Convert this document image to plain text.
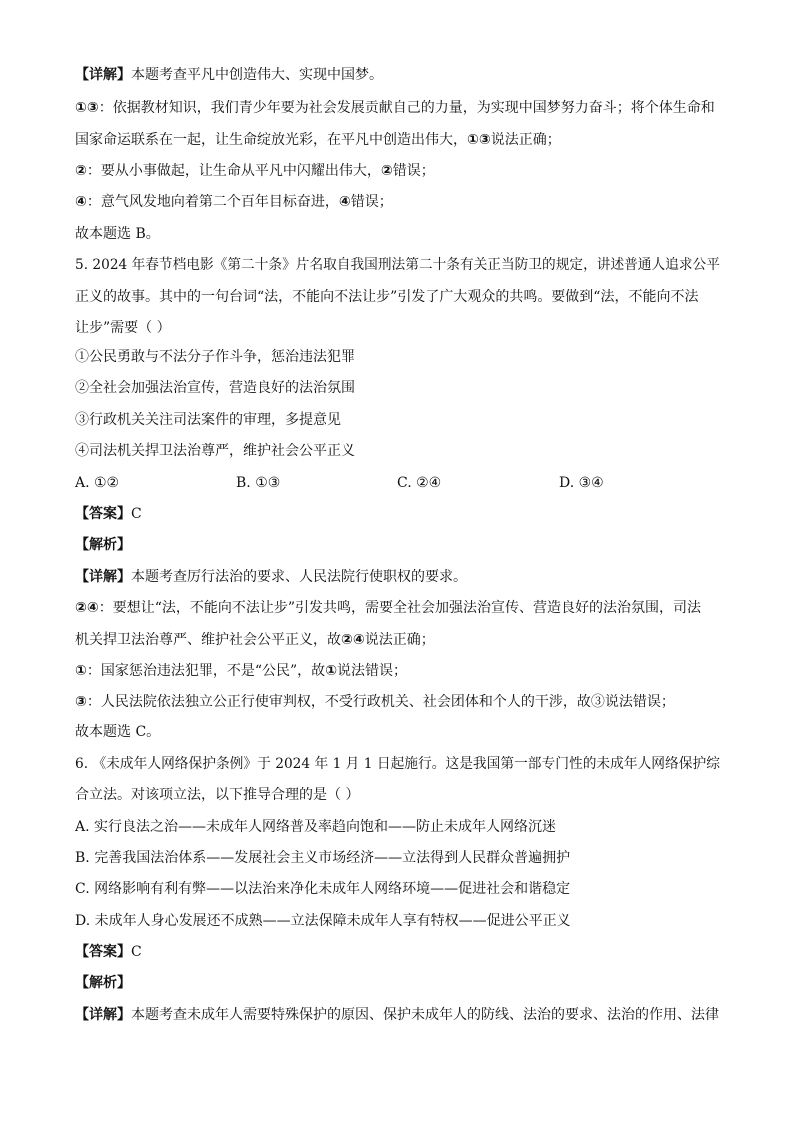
【详解】本题考查平凡中创造伟大、实现中国梦。
①③：依据教材知识，我们青少年要为社会发展贡献自己的力量，为实现中国梦努力奋斗；将个体生命和
国家命运联系在一起，让生命绽放光彩，在平凡中创造出伟大，①③说法正确；
②：要从小事做起，让生命从平凡中闪耀出伟大，②错误；
④：意气风发地向着第二个百年目标奋进，④错误；
故本题选 B。
5. 2024 年春节档电影《第二十条》片名取自我国刑法第二十条有关正当防卫的规定，讲述普通人追求公平
正义的故事。其中的一句台词“法，不能向不法让步”引发了广大观众的共鸣。要做到“法，不能向不法
让步”需要（ ）
①公民勇敢与不法分子作斗争，惩治违法犯罪
②全社会加强法治宣传，营造良好的法治氛围
③行政机关关注司法案件的审理，多提意见
④司法机关捍卫法治尊严，维护社会公平正义
A. ①②	B. ①③	C. ②④	D. ③④
【答案】C
【解析】
【详解】本题考查厉行法治的要求、人民法院行使职权的要求。
②④：要想让“法，不能向不法让步”引发共鸣，需要全社会加强法治宣传、营造良好的法治氛围，司法
机关捍卫法治尊严、维护社会公平正义，故②④说法正确；
①：国家惩治违法犯罪，不是“公民”，故①说法错误；
③：人民法院依法独立公正行使审判权，不受行政机关、社会团体和个人的干涉，故③说法错误；
故本题选 C。
6. 《未成年人网络保护条例》于 2024 年 1 月 1 日起施行。这是我国第一部专门性的未成年人网络保护综
合立法。对该项立法，以下推导合理的是（ ）
A. 实行良法之治——未成年人网络普及率趋向饱和——防止未成年人网络沉迷
B. 完善我国法治体系——发展社会主义市场经济——立法得到人民群众普遍拥护
C. 网络影响有利有弊——以法治来净化未成年人网络环境——促进社会和谐稳定
D. 未成年人身心发展还不成熟——立法保障未成年人享有特权——促进公平正义
【答案】C
【解析】
【详解】本题考查未成年人需要特殊保护的原因、保护未成年人的防线、法治的要求、法治的作用、法律
